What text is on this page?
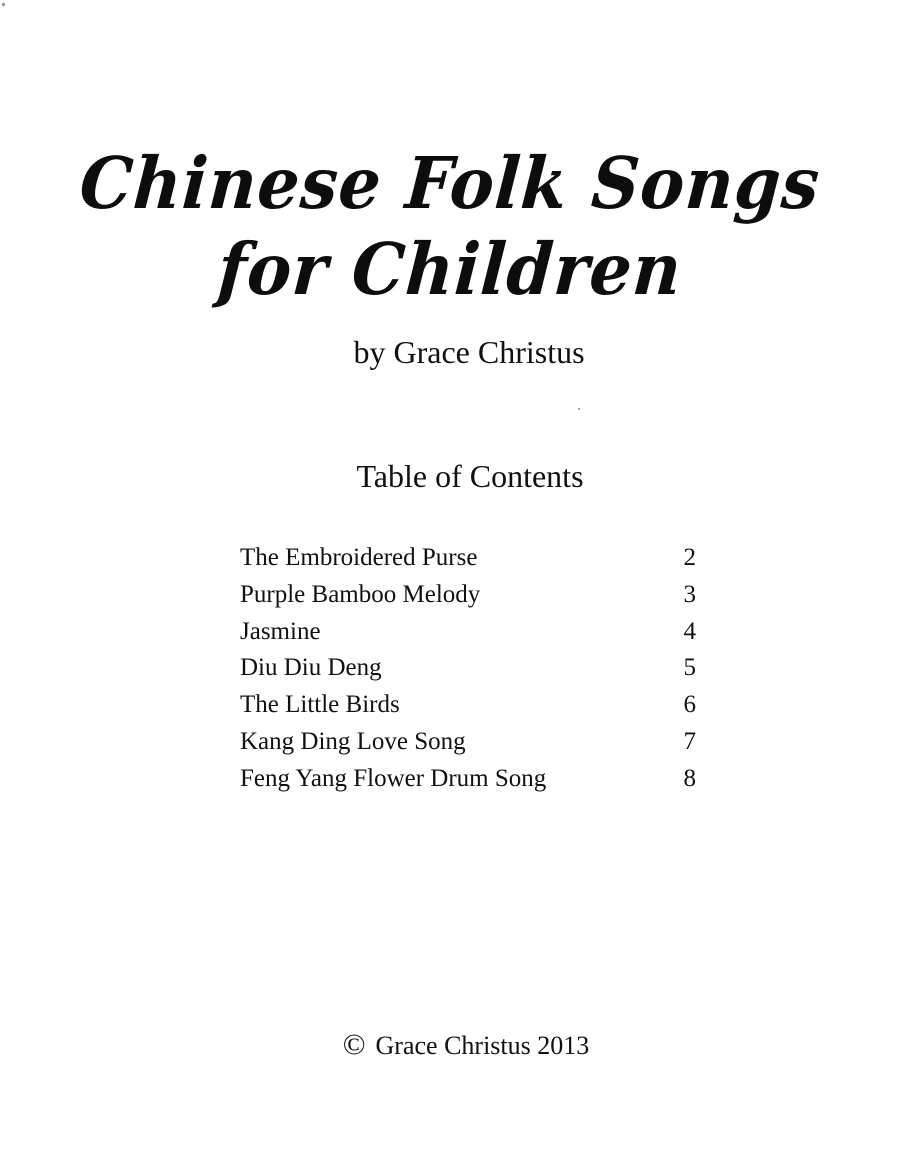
Chinese Folk Songs
for Children
by Grace Christus
Table of Contents
The Embroidered Purse	2
Purple Bamboo Melody	3
Jasmine	4
Diu Diu Deng	5
The Little Birds	6
Kang Ding Love Song	7
Feng Yang Flower Drum Song	8
© Grace Christus 2013
